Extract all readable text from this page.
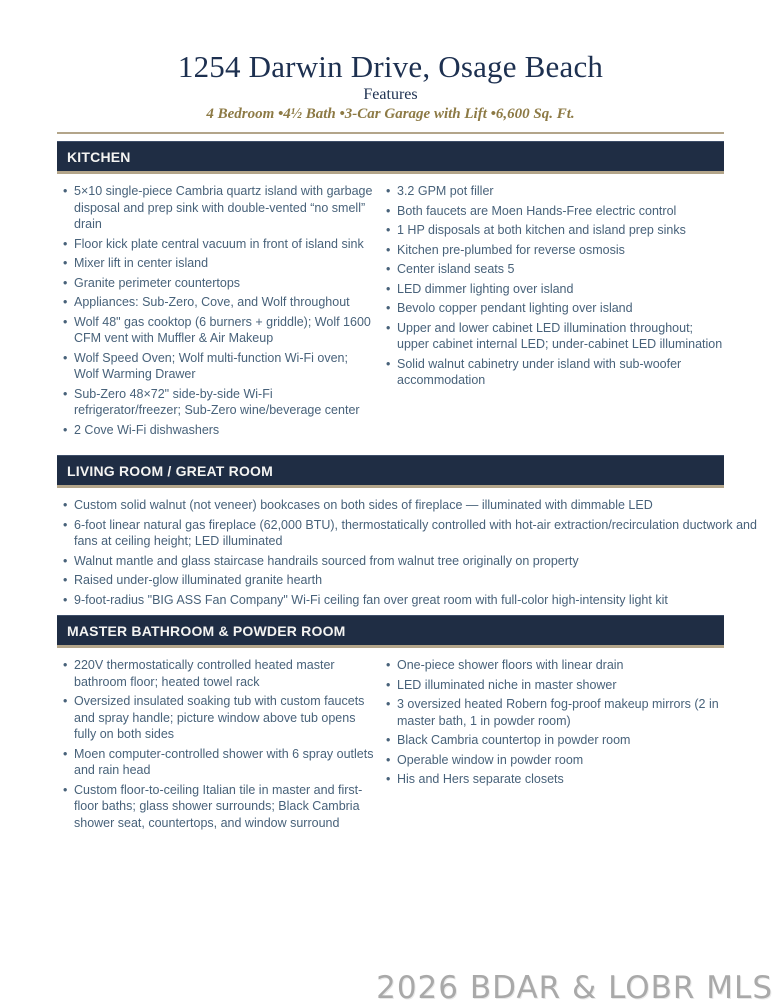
1254 Darwin Drive, Osage Beach
Features
4 Bedroom •4½ Bath •3-Car Garage with Lift •6,600 Sq. Ft.
KITCHEN
• 5×10 single-piece Cambria quartz island with garbage disposal and prep sink with double-vented “no smell” drain
• Floor kick plate central vacuum in front of island sink
• Mixer lift in center island
• Granite perimeter countertops
• Appliances: Sub-Zero, Cove, and Wolf throughout
• Wolf 48" gas cooktop (6 burners + griddle); Wolf 1600 CFM vent with Muffler & Air Makeup
• Wolf Speed Oven; Wolf multi-function Wi-Fi oven; Wolf Warming Drawer
• Sub-Zero 48×72" side-by-side Wi-Fi refrigerator/freezer; Sub-Zero wine/beverage center
• 2 Cove Wi-Fi dishwashers
• 3.2 GPM pot filler
• Both faucets are Moen Hands-Free electric control
• 1 HP disposals at both kitchen and island prep sinks
• Kitchen pre-plumbed for reverse osmosis
• Center island seats 5
• LED dimmer lighting over island
• Bevolo copper pendant lighting over island
• Upper and lower cabinet LED illumination throughout; upper cabinet internal LED; under-cabinet LED illumination
• Solid walnut cabinetry under island with sub-woofer accommodation
LIVING ROOM / GREAT ROOM
• Custom solid walnut (not veneer) bookcases on both sides of fireplace — illuminated with dimmable LED
• 6-foot linear natural gas fireplace (62,000 BTU), thermostatically controlled with hot-air extraction/recirculation ductwork and fans at ceiling height; LED illuminated
• Walnut mantle and glass staircase handrails sourced from walnut tree originally on property
• Raised under-glow illuminated granite hearth
• 9-foot-radius "BIG ASS Fan Company" Wi-Fi ceiling fan over great room with full-color high-intensity light kit
MASTER BATHROOM & POWDER ROOM
• 220V thermostatically controlled heated master bathroom floor; heated towel rack
• Oversized insulated soaking tub with custom faucets and spray handle; picture window above tub opens fully on both sides
• Moen computer-controlled shower with 6 spray outlets and rain head
• Custom floor-to-ceiling Italian tile in master and first-floor baths; glass shower surrounds; Black Cambria shower seat, countertops, and window surround
• One-piece shower floors with linear drain
• LED illuminated niche in master shower
• 3 oversized heated Robern fog-proof makeup mirrors (2 in master bath, 1 in powder room)
• Black Cambria countertop in powder room
• Operable window in powder room
• His and Hers separate closets
2026 BDAR & LOBR MLS
